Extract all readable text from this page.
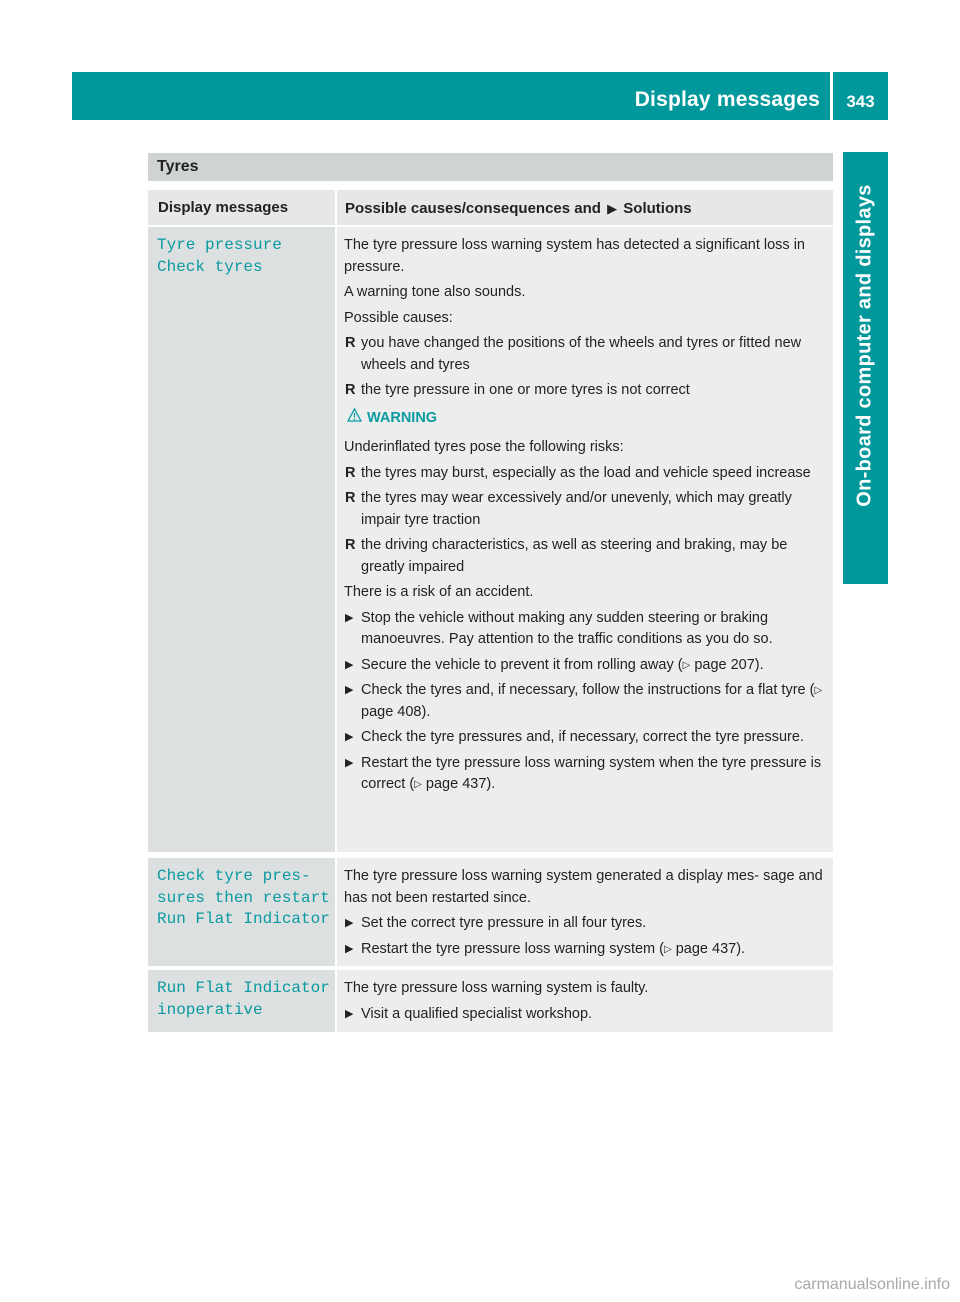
Display messages	343
On-board computer and displays
Tyres
Display messages	Possible causes/consequences and ▶ Solutions
Tyre pressure
Check tyres
The tyre pressure loss warning system has detected a significant loss in pressure.
A warning tone also sounds.
Possible causes:
R you have changed the positions of the wheels and tyres or fitted new wheels and tyres
R the tyre pressure in one or more tyres is not correct
WARNING
Underinflated tyres pose the following risks:
R the tyres may burst, especially as the load and vehicle speed increase
R the tyres may wear excessively and/or unevenly, which may greatly impair tyre traction
R the driving characteristics, as well as steering and braking, may be greatly impaired
There is a risk of an accident.
▶ Stop the vehicle without making any sudden steering or braking manoeuvres. Pay attention to the traffic conditions as you do so.
▶ Secure the vehicle to prevent it from rolling away (▷ page 207).
▶ Check the tyres and, if necessary, follow the instructions for a flat tyre (▷ page 408).
▶ Check the tyre pressures and, if necessary, correct the tyre pressure.
▶ Restart the tyre pressure loss warning system when the tyre pressure is correct (▷ page 437).
Check tyre pres‐
sures then restart
Run Flat Indicator
The tyre pressure loss warning system generated a display mes‐ sage and has not been restarted since.
▶ Set the correct tyre pressure in all four tyres.
▶ Restart the tyre pressure loss warning system (▷ page 437).
Run Flat Indicator
inoperative
The tyre pressure loss warning system is faulty.
▶ Visit a qualified specialist workshop.
carmanualsonline.info
